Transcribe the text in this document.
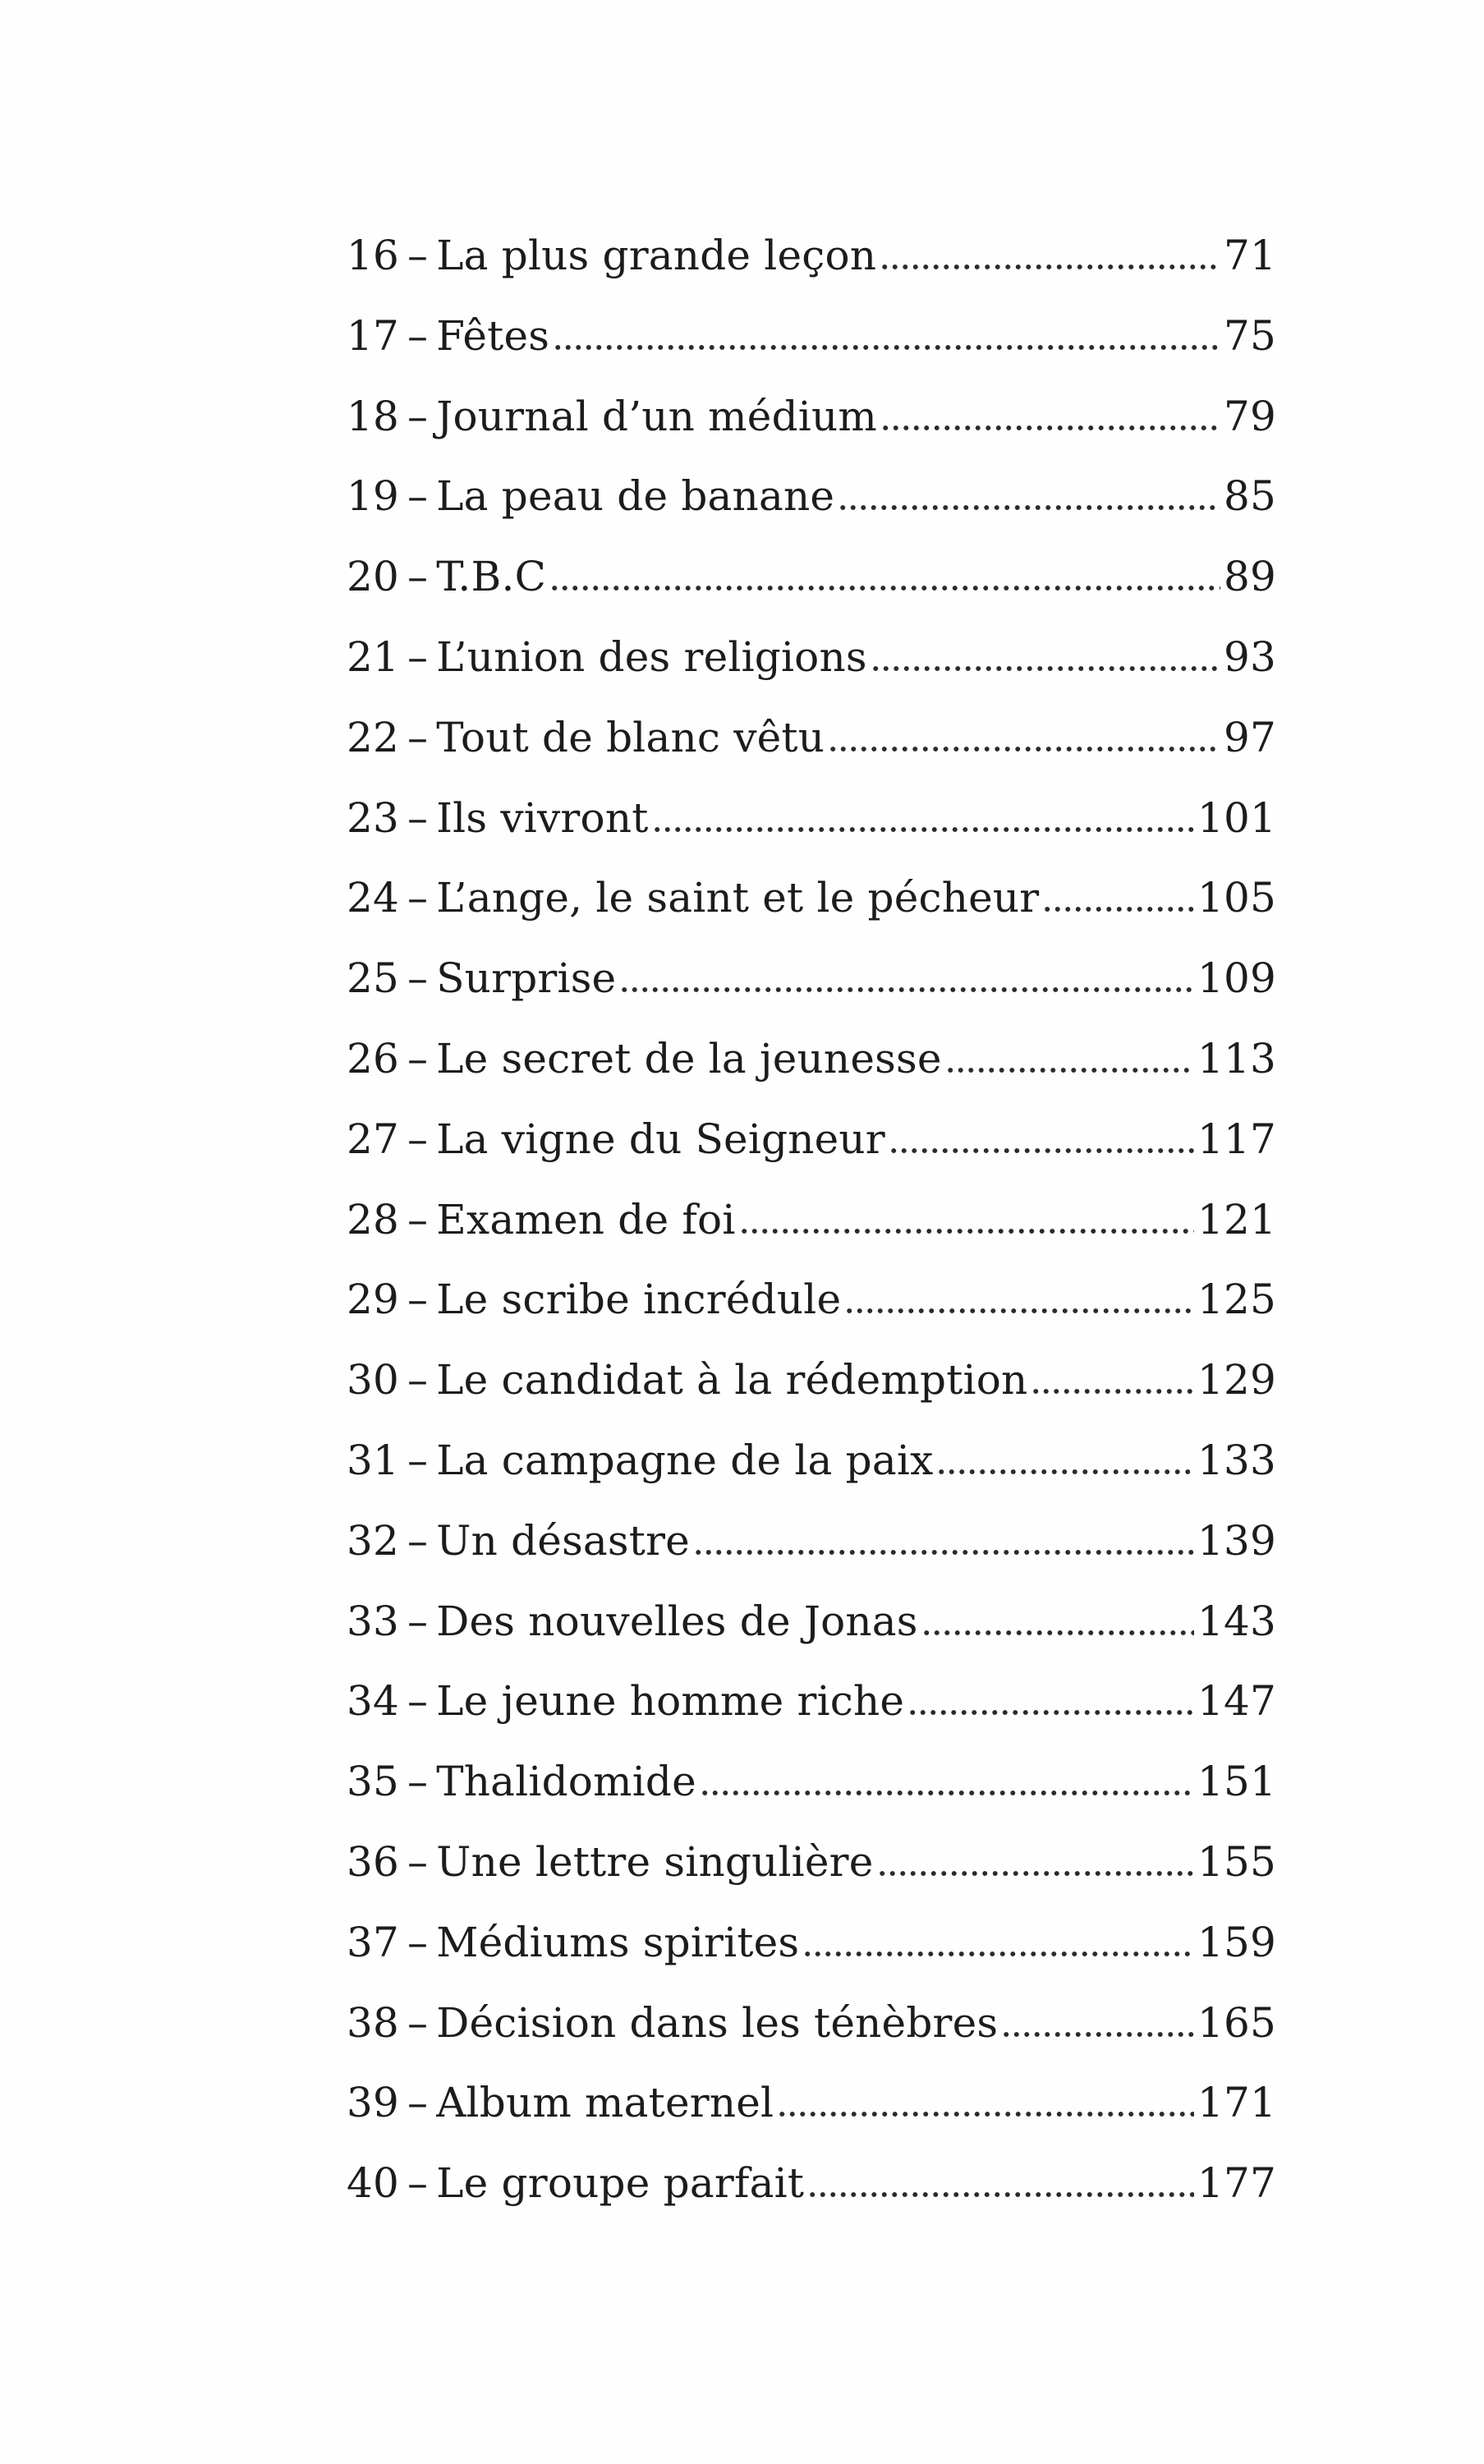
16 – La plus grande leçon	71
17 – Fêtes	75
18 – Journal d’un médium	79
19 – La peau de banane	85
20 – T.B.C	89
21 – L’union des religions	93
22 – Tout de blanc vêtu	97
23 – Ils vivront	101
24 – L’ange, le saint et le pécheur	105
25 – Surprise	109
26 – Le secret de la jeunesse	113
27 – La vigne du Seigneur	117
28 – Examen de foi	121
29 – Le scribe incrédule	125
30 – Le candidat à la rédemption	129
31 – La campagne de la paix	133
32 – Un désastre	139
33 – Des nouvelles de Jonas	143
34 – Le jeune homme riche	147
35 – Thalidomide	151
36 – Une lettre singulière	155
37 – Médiums spirites	159
38 – Décision dans les ténèbres	165
39 – Album maternel	171
40 – Le groupe parfait	177
